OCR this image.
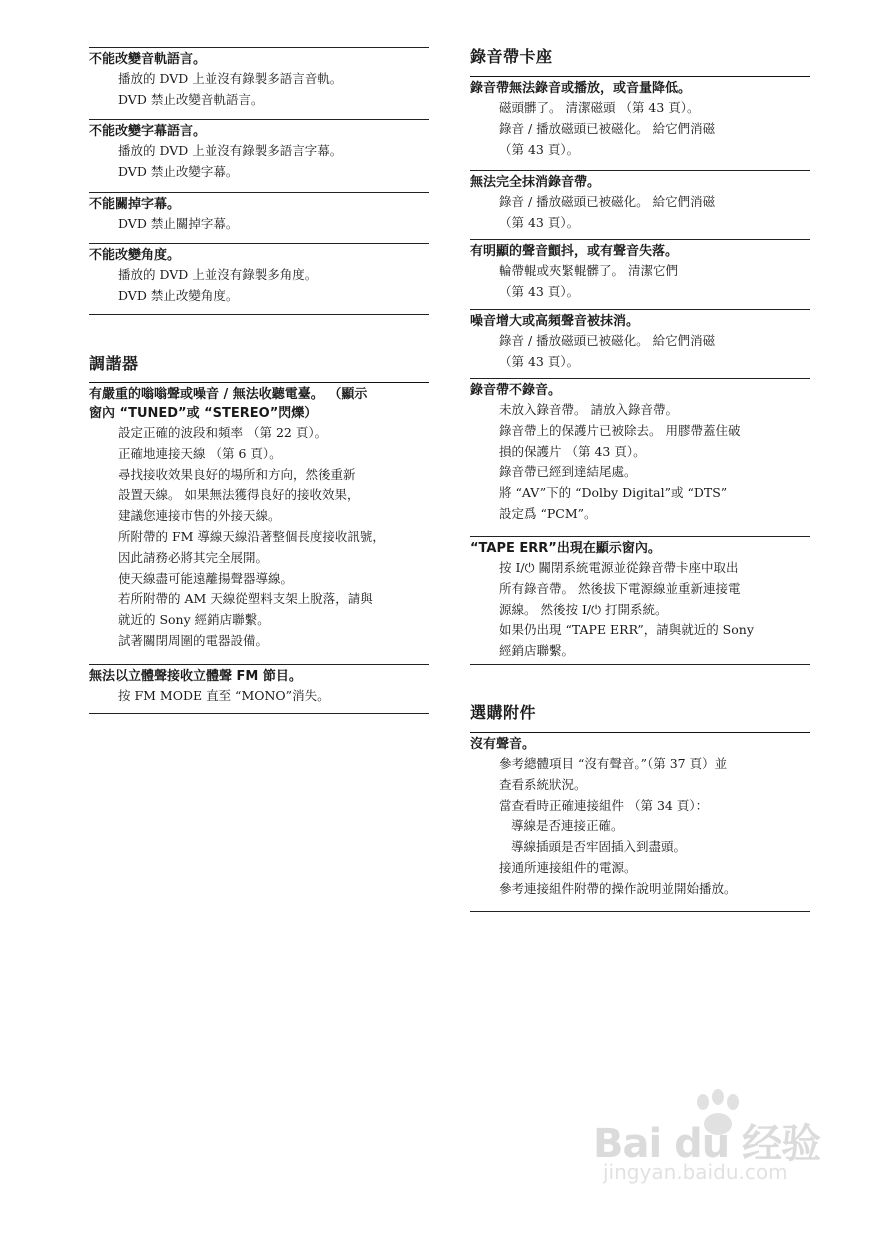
不能改變音軌語言。
播放的 DVD 上並沒有錄製多語言音軌。
DVD 禁止改變音軌語言。
不能改變字幕語言。
播放的 DVD 上並沒有錄製多語言字幕。
DVD 禁止改變字幕。
不能關掉字幕。
DVD 禁止關掉字幕。
不能改變角度。
播放的 DVD 上並沒有錄製多角度。
DVD 禁止改變角度。
調諧器
有嚴重的嗡嗡聲或噪音 / 無法收聽電臺。 （顯示
窗內 “TUNED”或 “STEREO”閃爍）
設定正確的波段和頻率 （第 22 頁）。
正確地連接天線 （第 6 頁）。
尋找接收效果良好的場所和方向，然後重新
設置天線。 如果無法獲得良好的接收效果，
建議您連接市售的外接天線。
所附帶的 FM 導線天線沿著整個長度接收訊號，
因此請務必將其完全展開。
使天線盡可能遠離揚聲器導線。
若所附帶的 AM 天線從塑料支架上脫落，請與
就近的 Sony 經銷店聯繫。
試著關閉周圍的電器設備。
無法以立體聲接收立體聲 FM 節目。
按 FM MODE 直至 “MONO”消失。
錄音帶卡座
錄音帶無法錄音或播放，或音量降低。
磁頭髒了。 清潔磁頭 （第 43 頁）。
錄音 / 播放磁頭已被磁化。 給它們消磁
（第 43 頁）。
無法完全抹消錄音帶。
錄音 / 播放磁頭已被磁化。 給它們消磁
（第 43 頁）。
有明顯的聲音顫抖，或有聲音失落。
輪帶輥或夾緊輥髒了。 清潔它們
（第 43 頁）。
噪音增大或高頻聲音被抹消。
錄音 / 播放磁頭已被磁化。 給它們消磁
（第 43 頁）。
錄音帶不錄音。
未放入錄音帶。 請放入錄音帶。
錄音帶上的保護片已被除去。 用膠帶蓋住破
損的保護片 （第 43 頁）。
錄音帶已經到達結尾處。
將 “AV”下的 “Dolby Digital”或 “DTS”
設定爲 “PCM”。
“TAPE ERR”出現在顯示窗內。
按 I/⏻ 關閉系統電源並從錄音帶卡座中取出
所有錄音帶。 然後拔下電源線並重新連接電
源線。 然後按 I/⏻ 打開系統。
如果仍出現 “TAPE ERR”，請與就近的 Sony
經銷店聯繫。
選購附件
沒有聲音。
參考總體項目 “沒有聲音。”（第 37 頁）並
查看系統狀況。
當查看時正確連接組件 （第 34 頁）：
導線是否連接正確。
導線插頭是否牢固插入到盡頭。
接通所連接組件的電源。
參考連接組件附帶的操作說明並開始播放。
Bai du 经验
jingyan.baidu.com
